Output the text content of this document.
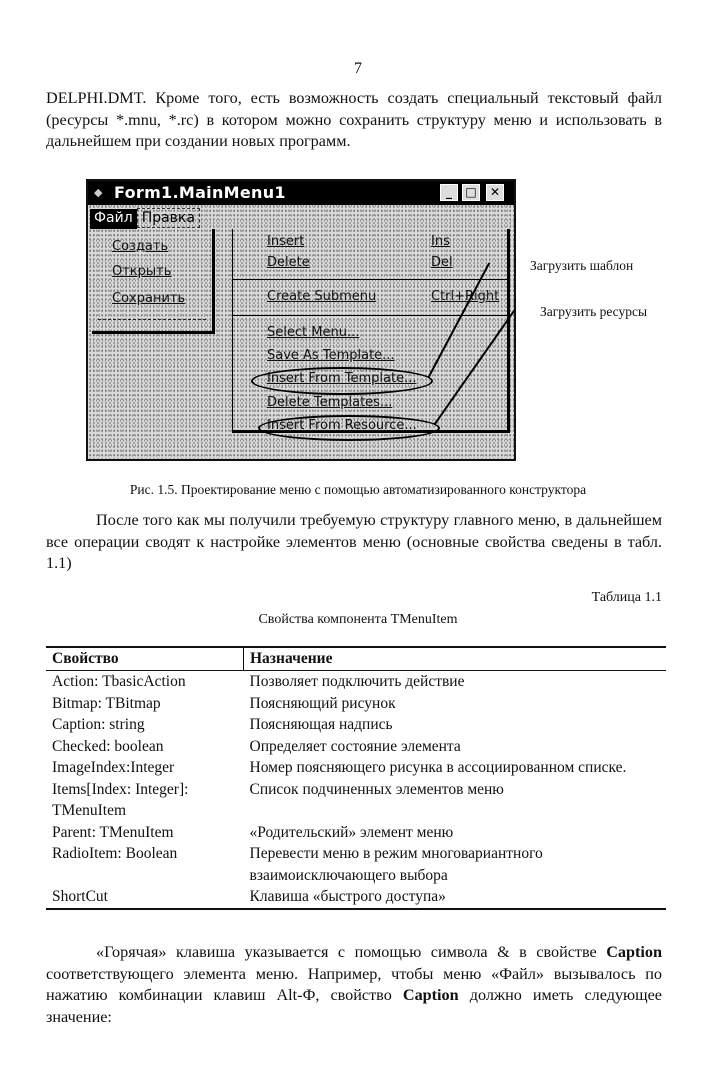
7

DELPHI.DMT. Кроме того, есть возможность создать специальный текстовый файл (ресурсы *.mnu, *.rc) в котором можно сохранить структуру меню и использовать в дальнейшем при создании новых программ.

◆ Form1.MainMenu1	_	□	✕
Файл Правка
Создать
Открыть
Сохранить
Insert	Ins
Delete	Del
Create Submenu	Ctrl+Right
Select Menu...
Save As Template...
Insert From Template...
Delete Templates...
Insert From Resource...
Загрузить шаблон
Загрузить ресурсы
Рис. 1.5. Проектирование меню с помощью автоматизированного конструктора

После того как мы получили требуемую структуру главного меню, в дальнейшем все операции сводят к настройке элементов меню (основные свойства сведены в табл. 1.1)

Таблица 1.1
Свойства компонента TMenuItem
Свойство	Назначение
Action: TbasicAction	Позволяет подключить действие
Bitmap: TBitmap	Поясняющий рисунок
Caption: string	Поясняющая надпись
Checked: boolean	Определяет состояние элемента
ImageIndex:Integer	Номер поясняющего рисунка в ассоциированном списке.
Items[Index: Integer]: TMenuItem	Список подчиненных элементов меню
Parent: TMenuItem	«Родительский» элемент меню
RadioItem: Boolean	Перевести меню в режим многовариантного взаимоисключающего выбора
ShortCut	Клавиша «быстрого доступа»

«Горячая» клавиша указывается с помощью символа & в свойстве Caption соответствующего элемента меню. Например, чтобы меню «Файл» вызывалось по нажатию комбинации клавиш Alt-Ф, свойство Caption должно иметь следующее значение:
